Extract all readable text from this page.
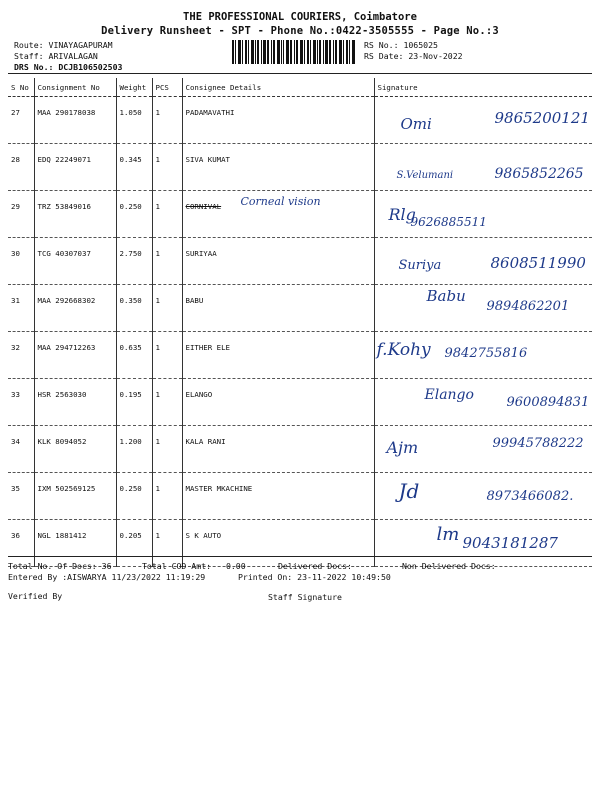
THE PROFESSIONAL COURIERS, Coimbatore
Delivery Runsheet - SPT - Phone No.:0422-3505555 - Page No.:3
Route: VINAYAGAPURAM
Staff: ARIVALAGAN
DRS No.: DCJB106502503
RS No.: 1065025
RS Date: 23-Nov-2022
S No	Consignment No	Weight	PCS	Consignee Details	Signature
27	MAA 290178038	1.050	1	PADAMAVATHI	Omi 9865200121

28	EDQ 22249071	0.345	1	SIVA KUMAT	S.Velumani 9865852265

29	TRZ 53849016	0.250	1	CORNIVAL Corneal vision	Rlg
9626885511

30	TCG 40307037	2.750	1	SURIYAA	Suriya 8608511990

31	MAA 292668302	0.350	1	BABU	Babu
9894862201

32	MAA 294712263	0.635	1	EITHER ELE	f.Kohy 9842755816

33	HSR 2563030	0.195	1	ELANGO	Elango 9600894831

34	KLK 8094052	1.200	1	KALA RANI	Ajm 99945788222

35	IXM 502569125	0.250	1	MASTER MKACHINE	Jd 8973466082.

36	NGL 1881412	0.205	1	S K AUTO	lm 9043181287
Total No. Of Docs: 36	Total COD Amt: 0.00	Delivered Docs:	Non Delivered Docs:
Entered By :AISWARYA 11/23/2022 11:19:29	Printed On: 23-11-2022 10:49:50
Verified By	Staff Signature
